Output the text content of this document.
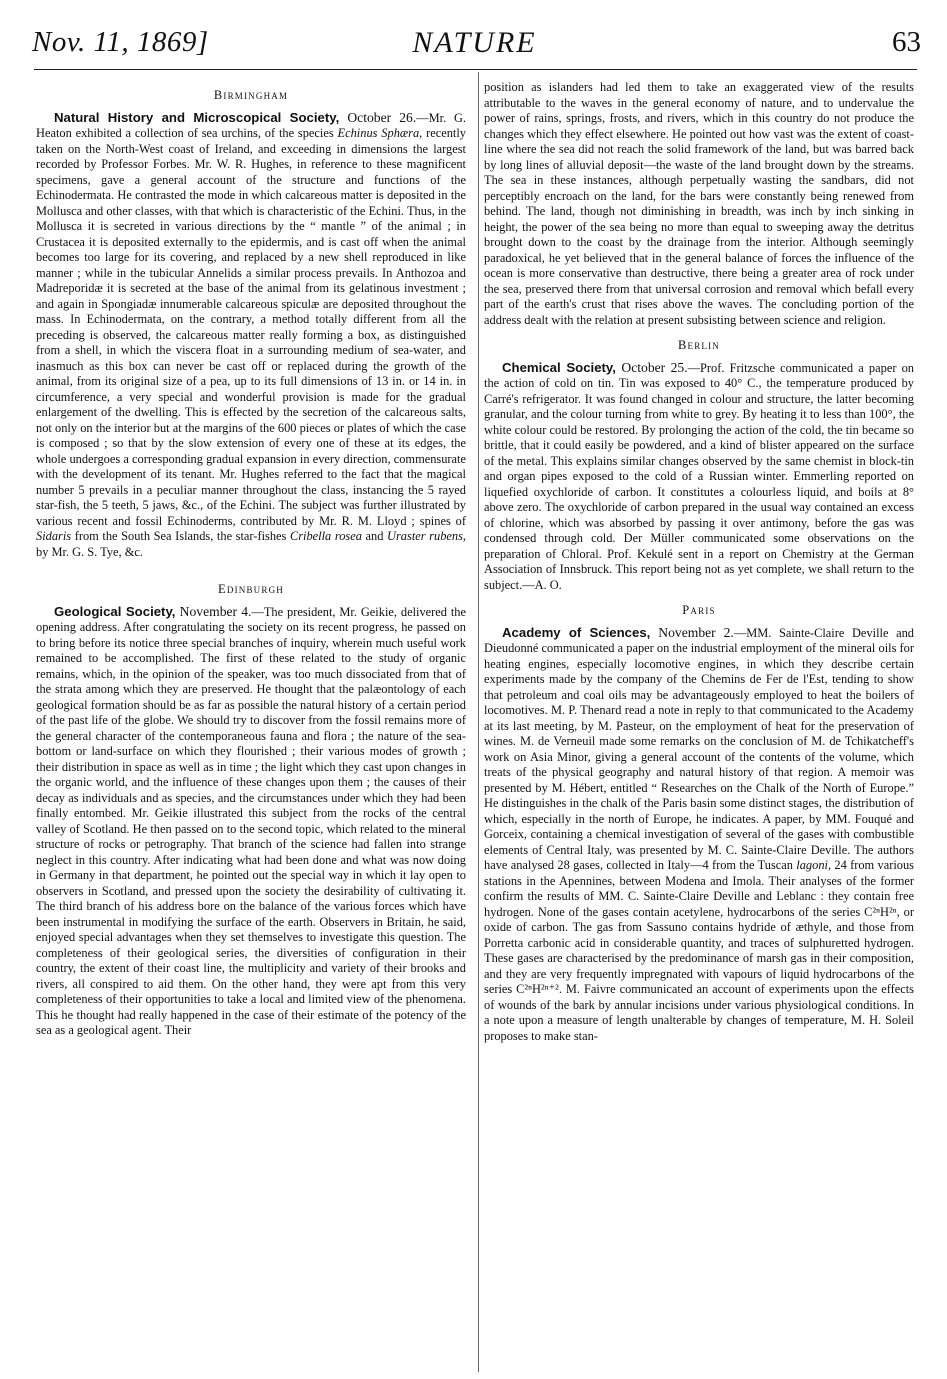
Nov. 11, 1869]	NATURE	63
Birmingham

Natural History and Microscopical Society, October 26.—Mr. G. Heaton exhibited a collection of sea urchins, of the species Echinus Sphæra, recently taken on the North-West coast of Ireland, and exceeding in dimensions the largest recorded by Professor Forbes. Mr. W. R. Hughes, in reference to these magnificent specimens, gave a general account of the structure and functions of the Echinodermata. He contrasted the mode in which calcareous matter is deposited in the Mollusca and other classes, with that which is characteristic of the Echini. Thus, in the Mollusca it is secreted in various directions by the “ mantle ” of the animal ; in Crustacea it is deposited externally to the epidermis, and is cast off when the animal becomes too large for its covering, and replaced by a new shell reproduced in like manner ; while in the tubicular Annelids a similar process prevails. In Anthozoa and Madreporidæ it is secreted at the base of the animal from its gelatinous investment ; and again in Spongiadæ innumerable calcareous spiculæ are deposited throughout the mass. In Echinodermata, on the contrary, a method totally different from all the preceding is observed, the calcareous matter really forming a box, as distinguished from a shell, in which the viscera float in a surrounding medium of sea-water, and inasmuch as this box can never be cast off or replaced during the growth of the animal, from its original size of a pea, up to its full dimensions of 13 in. or 14 in. in circumference, a very special and wonderful provision is made for the gradual enlargement of the dwelling. This is effected by the secretion of the calcareous salts, not only on the interior but at the margins of the 600 pieces or plates of which the case is composed ; so that by the slow extension of every one of these at its edges, the whole undergoes a corresponding gradual expansion in every direction, commensurate with the development of its tenant. Mr. Hughes referred to the fact that the magical number 5 prevails in a peculiar manner throughout the class, instancing the 5 rayed star-fish, the 5 teeth, 5 jaws, &c., of the Echini. The subject was further illustrated by various recent and fossil Echinoderms, contributed by Mr. R. M. Lloyd ; spines of Sidaris from the South Sea Islands, the star-fishes Cribella rosea and Uraster rubens, by Mr. G. S. Tye, &c.

Edinburgh

Geological Society, November 4.—The president, Mr. Geikie, delivered the opening address. After congratulating the society on its recent progress, he passed on to bring before its notice three special branches of inquiry, wherein much useful work remained to be accomplished. The first of these related to the study of organic remains, which, in the opinion of the speaker, was too much dissociated from that of the strata among which they are preserved. He thought that the palæontology of each geological formation should be as far as possible the natural history of a certain period of the past life of the globe. We should try to discover from the fossil remains more of the general character of the contemporaneous fauna and flora ; the nature of the sea-bottom or land-surface on which they flourished ; their various modes of growth ; their distribution in space as well as in time ; the light which they cast upon changes in the organic world, and the influence of these changes upon them ; the causes of their decay as individuals and as species, and the circumstances under which they had been finally entombed. Mr. Geikie illustrated this subject from the rocks of the central valley of Scotland. He then passed on to the second topic, which related to the mineral structure of rocks or petrography. That branch of the science had fallen into strange neglect in this country. After indicating what had been done and what was now doing in Germany in that department, he pointed out the special way in which it lay open to observers in Scotland, and pressed upon the society the desirability of cultivating it. The third branch of his address bore on the balance of the various forces which have been instrumental in modifying the surface of the earth. Observers in Britain, he said, enjoyed special advantages when they set themselves to investigate this question. The completeness of their geological series, the diversities of configuration in their country, the extent of their coast line, the multiplicity and variety of their brooks and rivers, all conspired to aid them. On the other hand, they were apt from this very completeness of their opportunities to take a local and limited view of the phenomena. This he thought had really happened in the case of their estimate of the potency of the sea as a geological agent. Their

position as islanders had led them to take an exaggerated view of the results attributable to the waves in the general economy of nature, and to undervalue the power of rains, springs, frosts, and rivers, which in this country do not produce the changes which they effect elsewhere. He pointed out how vast was the extent of coast-line where the sea did not reach the solid framework of the land, but was barred back by long lines of alluvial deposit—the waste of the land brought down by the streams. The sea in these instances, although perpetually wasting the sandbars, did not perceptibly encroach on the land, for the bars were constantly being renewed from behind. The land, though not diminishing in breadth, was inch by inch sinking in height, the power of the sea being no more than equal to sweeping away the detritus brought down to the coast by the drainage from the interior. Although seemingly paradoxical, he yet believed that in the general balance of forces the influence of the ocean is more conservative than destructive, there being a greater area of rock under the sea, preserved there from that universal corrosion and removal which befall every part of the earth's crust that rises above the waves. The concluding portion of the address dealt with the relation at present subsisting between science and religion.

Berlin

Chemical Society, October 25.—Prof. Fritzsche communicated a paper on the action of cold on tin. Tin was exposed to 40° C., the temperature produced by Carré's refrigerator. It was found changed in colour and structure, the latter becoming granular, and the colour turning from white to grey. By heating it to less than 100°, the white colour could be restored. By prolonging the action of the cold, the tin became so brittle, that it could easily be powdered, and a kind of blister appeared on the surface of the metal. This explains similar changes observed by the same chemist in block-tin and organ pipes exposed to the cold of a Russian winter. Emmerling reported on liquefied oxychloride of carbon. It constitutes a colourless liquid, and boils at 8° above zero. The oxychloride of carbon prepared in the usual way contained an excess of chlorine, which was absorbed by passing it over antimony, before the gas was condensed through cold. Der Müller communicated some observations on the preparation of Chloral. Prof. Kekulé sent in a report on Chemistry at the German Association of Innsbruck. This report being not as yet complete, we shall return to the subject.—A. O.

Paris

Academy of Sciences, November 2.—MM. Sainte-Claire Deville and Dieudonné communicated a paper on the industrial employment of the mineral oils for heating engines, especially locomotive engines, in which they describe certain experiments made by the company of the Chemins de Fer de l'Est, tending to show that petroleum and coal oils may be advantageously employed to heat the boilers of locomotives. M. P. Thenard read a note in reply to that communicated to the Academy at its last meeting, by M. Pasteur, on the employment of heat for the preservation of wines. M. de Verneuil made some remarks on the conclusion of M. de Tchikatcheff's work on Asia Minor, giving a general account of the contents of the volume, which treats of the physical geography and natural history of that region. A memoir was presented by M. Hébert, entitled “ Researches on the Chalk of the North of Europe.” He distinguishes in the chalk of the Paris basin some distinct stages, the distribution of which, especially in the north of Europe, he indicates. A paper, by MM. Fouqué and Gorceix, containing a chemical investigation of several of the gases with combustible elements of Central Italy, was presented by M. C. Sainte-Claire Deville. The authors have analysed 28 gases, collected in Italy—4 from the Tuscan lagoni, 24 from various stations in the Apennines, between Modena and Imola. Their analyses of the former confirm the results of MM. C. Sainte-Claire Deville and Leblanc : they contain free hydrogen. None of the gases contain acetylene, hydrocarbons of the series C²ⁿH²ⁿ, or oxide of carbon. The gas from Sassuno contains hydride of æthyle, and those from Porretta carbonic acid in considerable quantity, and traces of sulphuretted hydrogen. These gases are characterised by the predominance of marsh gas in their composition, and they are very frequently impregnated with vapours of liquid hydrocarbons of the series C²ⁿH²ⁿ⁺². M. Faivre communicated an account of experiments upon the effects of wounds of the bark by annular incisions under various physiological conditions. In a note upon a measure of length unalterable by changes of temperature, M. H. Soleil proposes to make stan-
